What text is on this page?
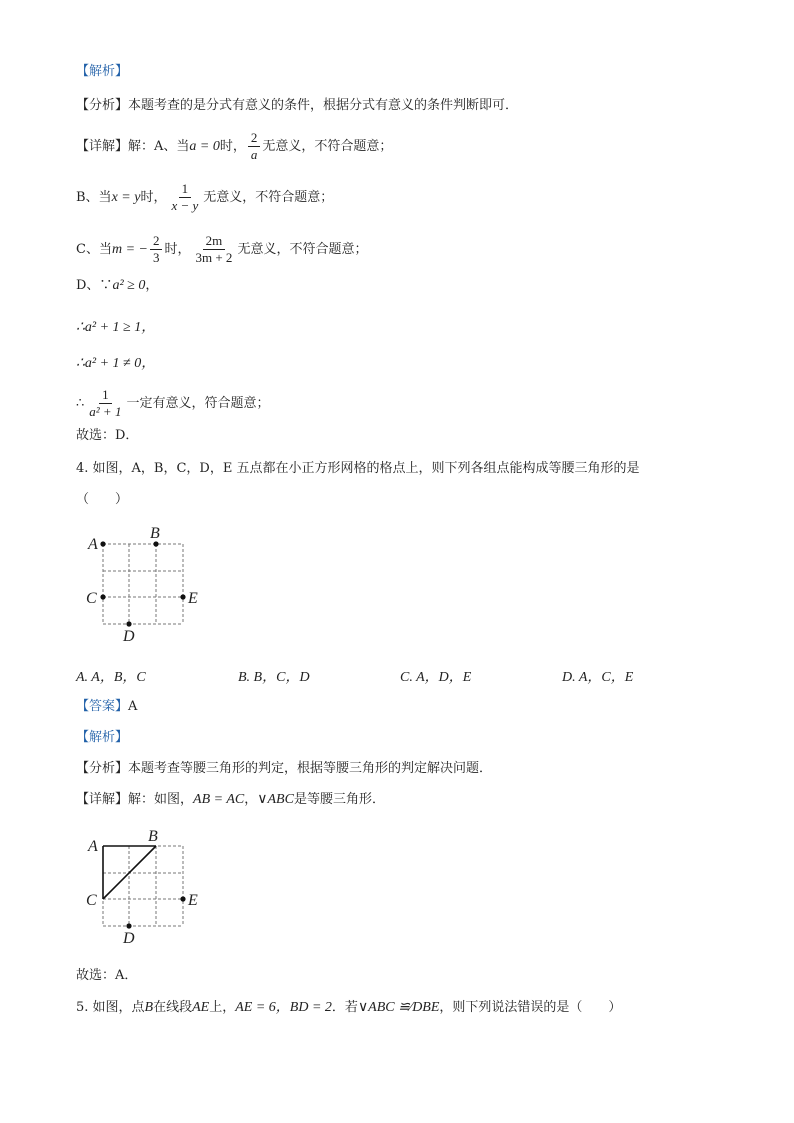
【解析】
【分析】本题考查的是分式有意义的条件，根据分式有意义的条件判断即可．
【详解】解：A、当a = 0时， $\frac{2}{a}$ 无意义，不符合题意；
B、当x = y时， $\frac{1}{x - y}$ 无意义，不符合题意；
C、当m = − $\frac{2}{3}$ 时， $\frac{2m}{3m + 2}$ 无意义，不符合题意；
D、∵a² ≥ 0，
∴a² + 1 ≥ 1，
∴a² + 1 ≠ 0，
∴ $\frac{1}{\text{a² + 1}}$ 一定有意义，符合题意；
故选：D．
4. 如图，A，B，C，D，E 五点都在小正方形网格的格点上，则下列各组点能构成等腰三角形的是
（　　）
A
B
C
D
E
A. A，B，C	B. B，C，D	C. A，D，E	D. A，C，E
【答案】A
【解析】
【分析】本题考查等腰三角形的判定，根据等腰三角形的判定解决问题．
【详解】解：如图，AB = AC，∨ABC是等腰三角形．
A
B
C
D
E
故选：A．
5. 如图，点B在线段AE上，AE = 6，BD = 2．若∨ABC ≌∕DBE，则下列说法错误的是（　　）
